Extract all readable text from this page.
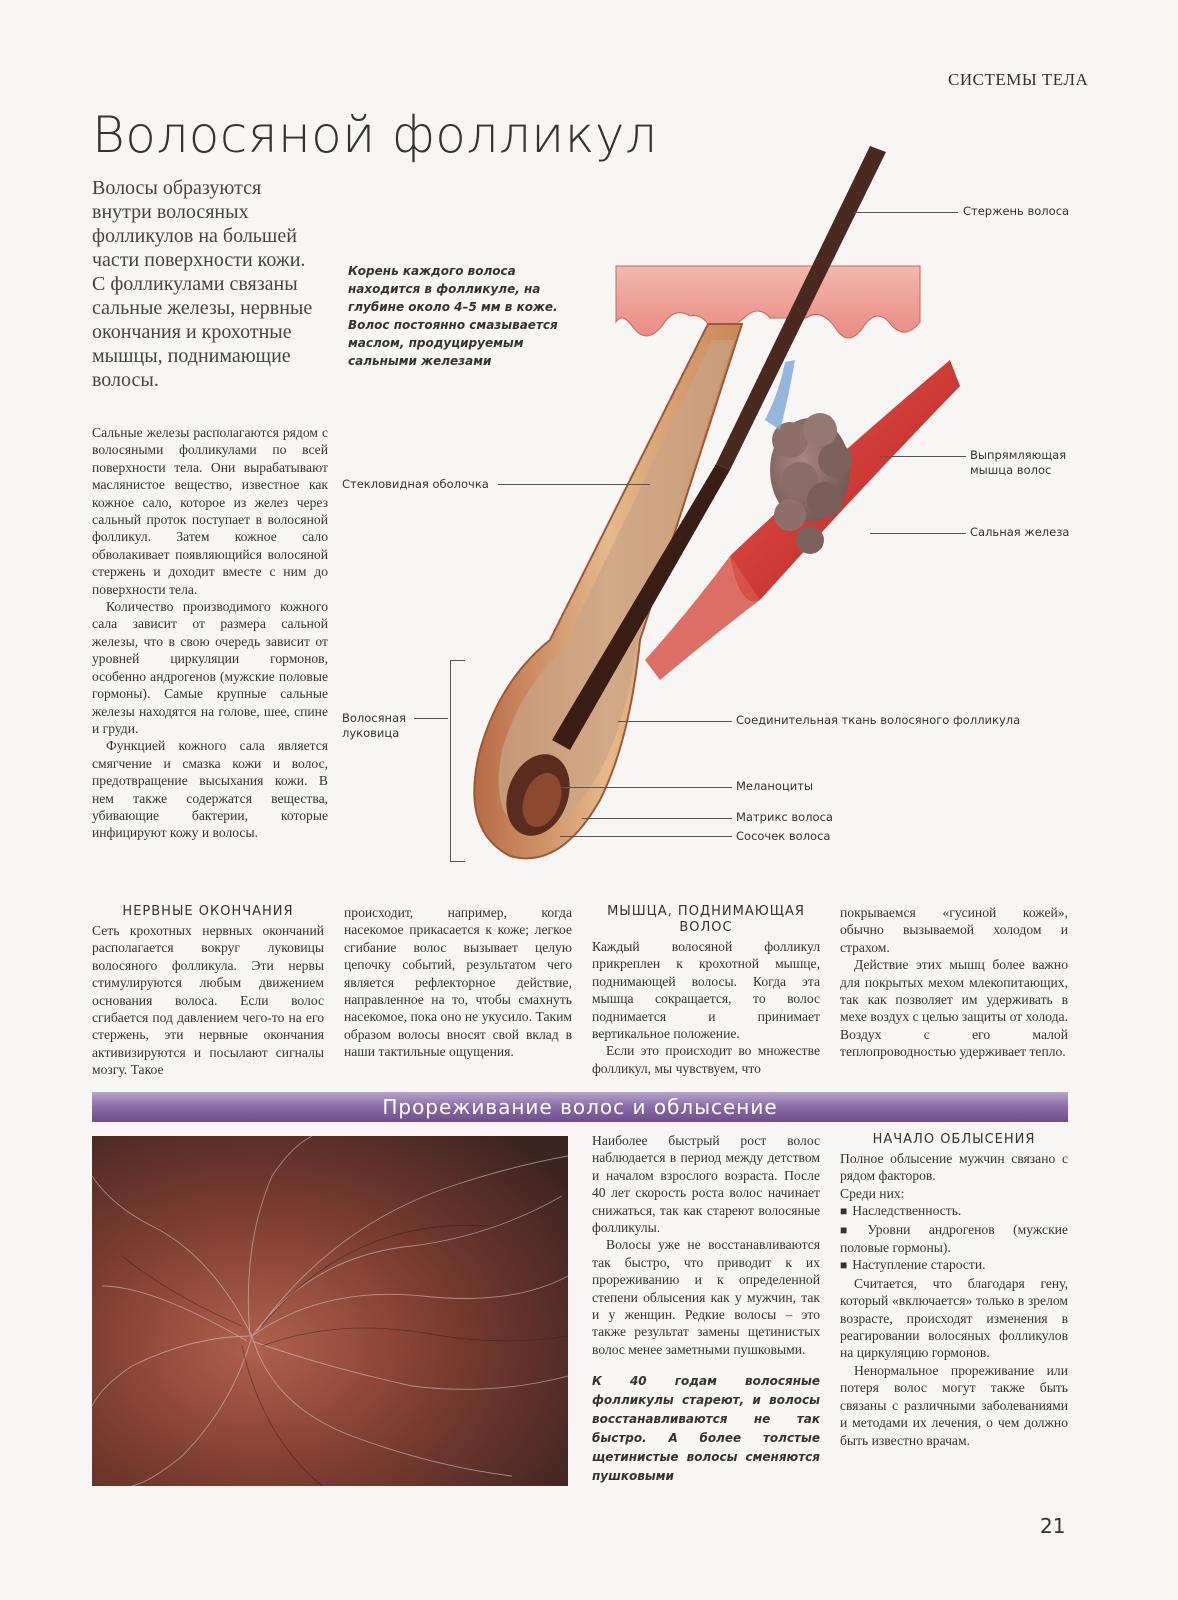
СИСТЕМЫ ТЕЛА
Волосяной фолликул
Волосы образуются внутри волосяных фолликулов на большей части поверхности кожи. С фолликулами связаны сальные железы, нервные окончания и крохотные мышцы, поднимающие волосы.
Корень каждого волоса находится в фолликуле, на глубине около 4–5 мм в коже. Волос постоянно смазывается маслом, продуцируемым сальными железами
Стержень волоса
Выпрямляющая мышца волос
Сальная железа
Стекловидная оболочка
Волосяная луковица
Соединительная ткань волосяного фолликула
Меланоциты
Матрикс волоса
Сосочек волоса

Сальные железы располагаются рядом с волосяными фолликулами по всей поверхности тела. Они вырабатывают маслянистое вещество, известное как кожное сало, которое из желез через сальный проток поступает в волосяной фолликул. Затем кожное сало обволакивает появляющийся волосяной стержень и доходит вместе с ним до поверхности тела.

Количество производимого кожного сала зависит от размера сальной железы, что в свою очередь зависит от уровней циркуляции гормонов, особенно андрогенов (мужские половые гормоны). Самые крупные сальные железы находятся на голове, шее, спине и груди.

Функцией кожного сала является смягчение и смазка кожи и волос, предотвращение высыхания кожи. В нем также содержатся вещества, убивающие бактерии, которые инфицируют кожу и волосы.

НЕРВНЫЕ ОКОНЧАНИЯ

Сеть крохотных нервных окончаний располагается вокруг луковицы волосяного фолликула. Эти нервы стимулируются любым движением основания волоса. Если волос сгибается под давлением чего-то на его стержень, эти нервные окончания активизируются и посылают сигналы мозгу. Такое

происходит, например, когда насекомое прикасается к коже; легкое сгибание волос вызывает целую цепочку событий, результатом чего является рефлекторное действие, направленное на то, чтобы смахнуть насекомое, пока оно не укусило. Таким образом волосы вносят свой вклад в наши тактильные ощущения.

МЫШЦА, ПОДНИМАЮЩАЯ ВОЛОС

Каждый волосяной фолликул прикреплен к крохотной мышце, поднимающей волосы. Когда эта мышца сокращается, то волос поднимается и принимает вертикальное положение.

Если это происходит во множестве фолликул, мы чувствуем, что

покрываемся «гусиной кожей», обычно вызываемой холодом и страхом.

Действие этих мышц более важно для покрытых мехом млекопитающих, так как позволяет им удерживать в мехе воздух с целью защиты от холода. Воздух с его малой теплопроводностью удерживает тепло.

Прореживание волос и облысение

Наиболее быстрый рост волос наблюдается в период между детством и началом взрослого возраста. После 40 лет скорость роста волос начинает снижаться, так как стареют волосяные фолликулы.

Волосы уже не восстанавливаются так быстро, что приводит к их прореживанию и к определенной степени облысения как у мужчин, так и у женщин. Редкие волосы – это также результат замены щетинистых волос менее заметными пушковыми.

К 40 годам волосяные фолликулы стареют, и волосы восстанавливаются не так быстро. А более толстые щетинистые волосы сменяются пушковыми
НАЧАЛО ОБЛЫСЕНИЯ

Полное облысение мужчин связано с рядом факторов.

Среди них:

■ Наследственность.

■ Уровни андрогенов (мужские половые гормоны).

■ Наступление старости.

Считается, что благодаря гену, который «включается» только в зрелом возрасте, происходят изменения в реагировании волосяных фолликулов на циркуляцию гормонов.

Ненормальное прореживание или потеря волос могут также быть связаны с различными заболеваниями и методами их лечения, о чем должно быть известно врачам.

21
